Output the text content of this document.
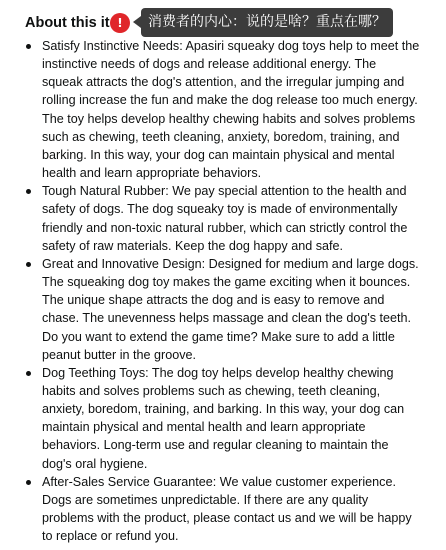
About this it !	消费者的内心：说的是啥？重点在哪？
Satisfy Instinctive Needs: Apasiri squeaky dog toys help to meet the instinctive needs of dogs and release additional energy. The squeak attracts the dog's attention, and the irregular jumping and rolling increase the fun and make the dog release too much energy. The toy helps develop healthy chewing habits and solves problems such as chewing, teeth cleaning, anxiety, boredom, training, and barking. In this way, your dog can maintain physical and mental health and learn appropriate behaviors.
Tough Natural Rubber: We pay special attention to the health and safety of dogs. The dog squeaky toy is made of environmentally friendly and non-toxic natural rubber, which can strictly control the safety of raw materials. Keep the dog happy and safe.
Great and Innovative Design: Designed for medium and large dogs. The squeaking dog toy makes the game exciting when it bounces. The unique shape attracts the dog and is easy to remove and chase. The unevenness helps massage and clean the dog's teeth. Do you want to extend the game time? Make sure to add a little peanut butter in the groove.
Dog Teething Toys: The dog toy helps develop healthy chewing habits and solves problems such as chewing, teeth cleaning, anxiety, boredom, training, and barking. In this way, your dog can maintain physical and mental health and learn appropriate behaviors. Long-term use and regular cleaning to maintain the dog's oral hygiene.
After-Sales Service Guarantee: We value customer experience. Dogs are sometimes unpredictable. If there are any quality problems with the product, please contact us and we will be happy to replace or refund you.
